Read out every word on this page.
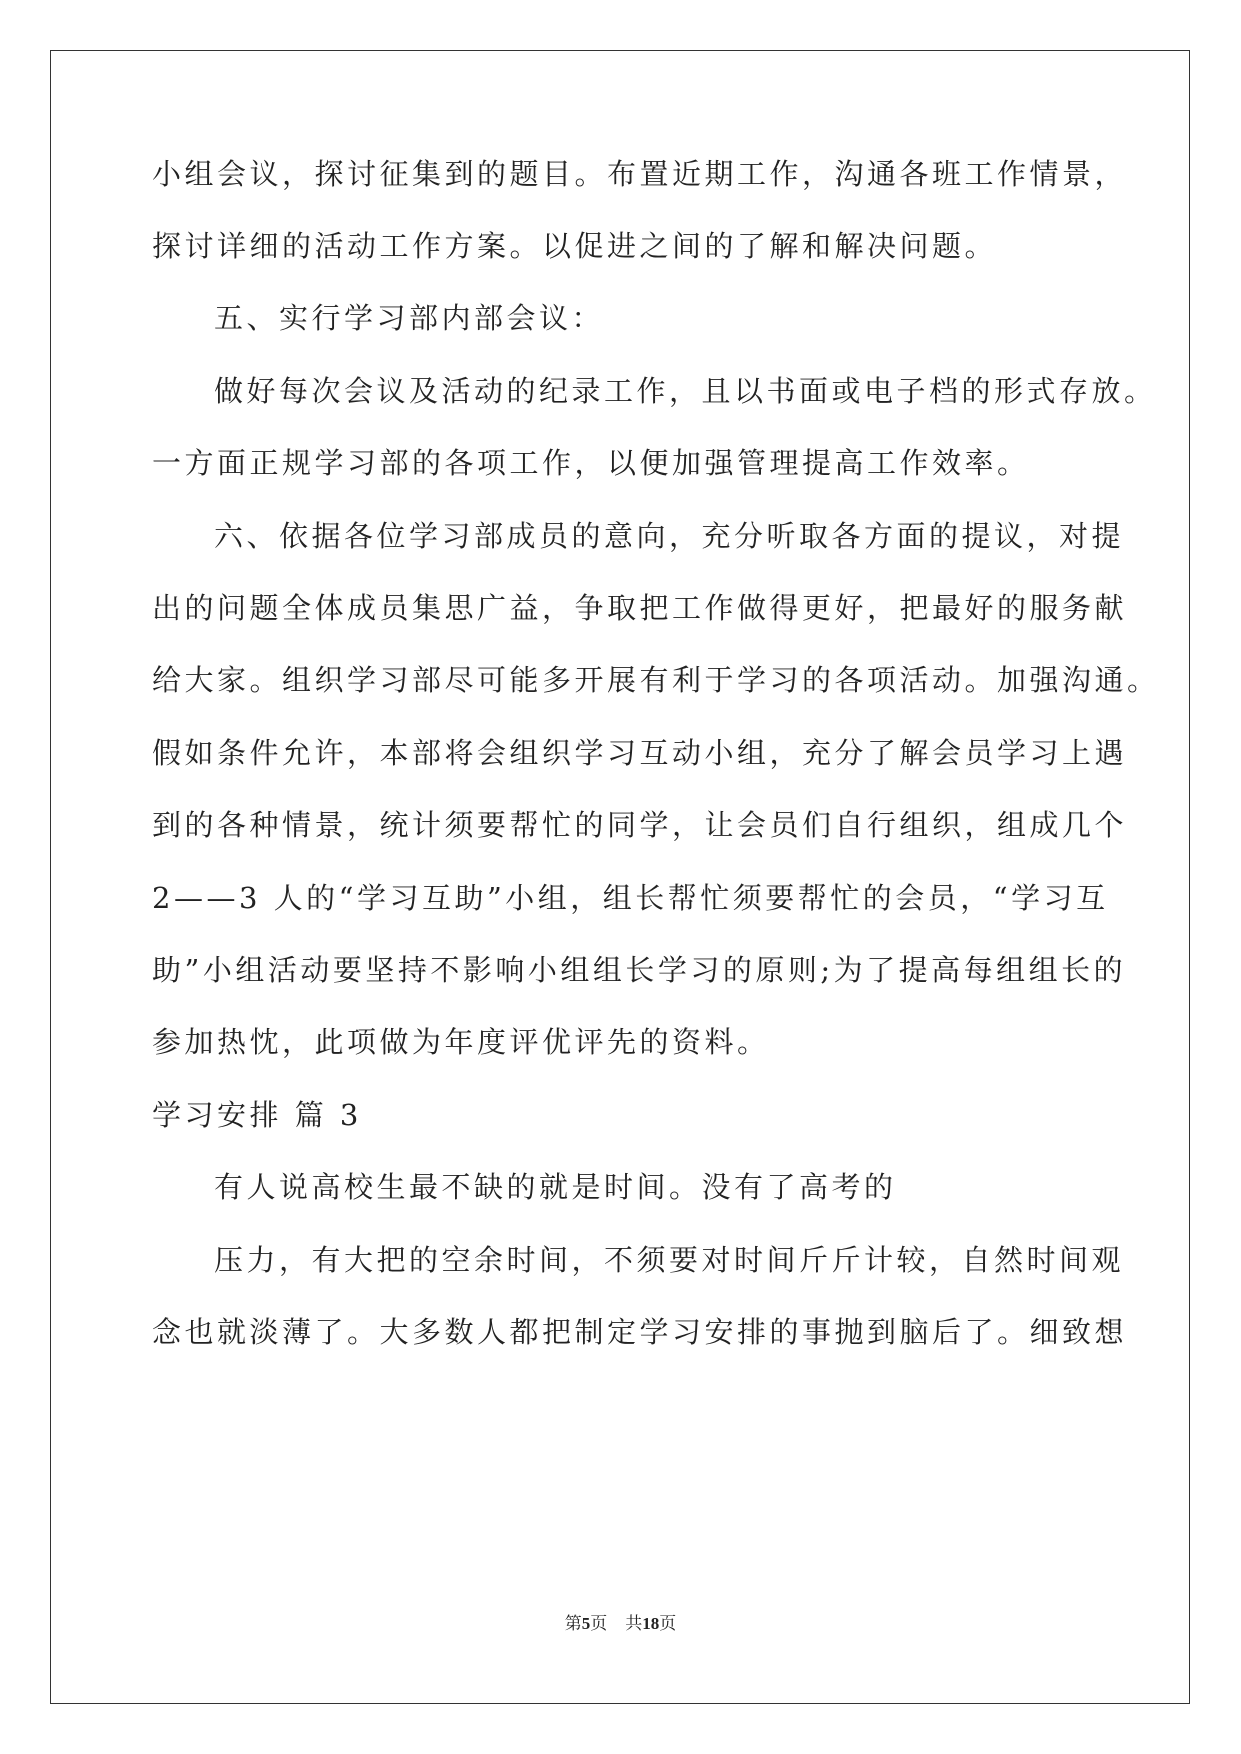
小组会议，探讨征集到的题目。布置近期工作，沟通各班工作情景，
探讨详细的活动工作方案。以促进之间的了解和解决问题。
五、实行学习部内部会议：
做好每次会议及活动的纪录工作，且以书面或电子档的形式存放。
一方面正规学习部的各项工作，以便加强管理提高工作效率。
六、依据各位学习部成员的意向，充分听取各方面的提议，对提
出的问题全体成员集思广益，争取把工作做得更好，把最好的服务献
给大家。组织学习部尽可能多开展有利于学习的各项活动。加强沟通。
假如条件允许，本部将会组织学习互动小组，充分了解会员学习上遇
到的各种情景，统计须要帮忙的同学，让会员们自行组织，组成几个
2——3 人的“学习互助”小组，组长帮忙须要帮忙的会员，“学习互
助”小组活动要坚持不影响小组组长学习的原则;为了提高每组组长的
参加热忱，此项做为年度评优评先的资料。
学习安排 篇 3
有人说高校生最不缺的就是时间。没有了高考的
压力，有大把的空余时间，不须要对时间斤斤计较，自然时间观
念也就淡薄了。大多数人都把制定学习安排的事抛到脑后了。细致想
第5页 共18页
